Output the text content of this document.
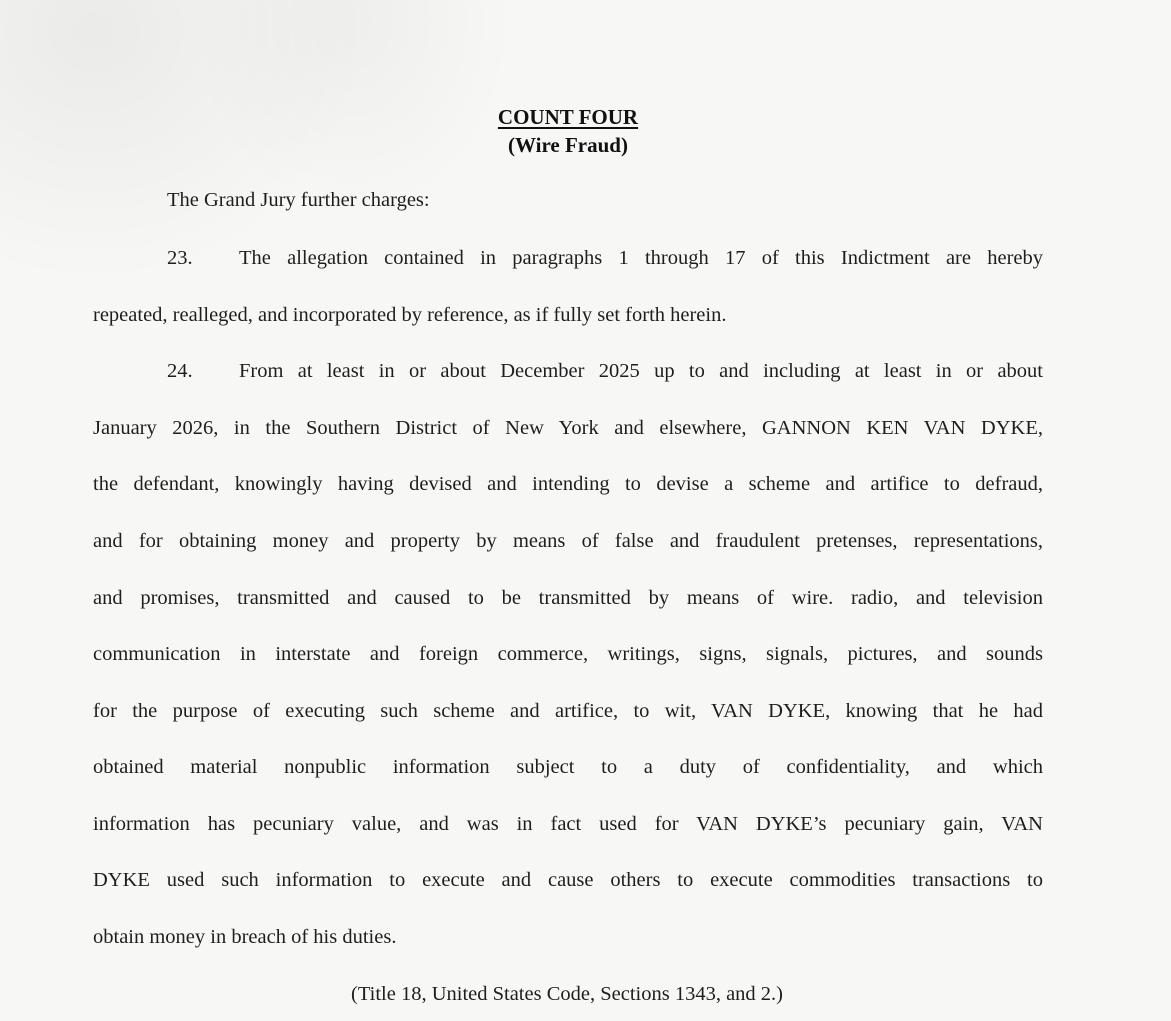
COUNT FOUR
(Wire Fraud)
The Grand Jury further charges:
23. The allegation contained in paragraphs 1 through 17 of this Indictment are hereby
repeated, realleged, and incorporated by reference, as if fully set forth herein.
24. From at least in or about December 2025 up to and including at least in or about
January 2026, in the Southern District of New York and elsewhere, GANNON KEN VAN DYKE,
the defendant, knowingly having devised and intending to devise a scheme and artifice to defraud,
and for obtaining money and property by means of false and fraudulent pretenses, representations,
and promises, transmitted and caused to be transmitted by means of wire. radio, and television
communication in interstate and foreign commerce, writings, signs, signals, pictures, and sounds
for the purpose of executing such scheme and artifice, to wit, VAN DYKE, knowing that he had
obtained material nonpublic information subject to a duty of confidentiality, and which
information has pecuniary value, and was in fact used for VAN DYKE’s pecuniary gain, VAN
DYKE used such information to execute and cause others to execute commodities transactions to
obtain money in breach of his duties.
(Title 18, United States Code, Sections 1343, and 2.)
